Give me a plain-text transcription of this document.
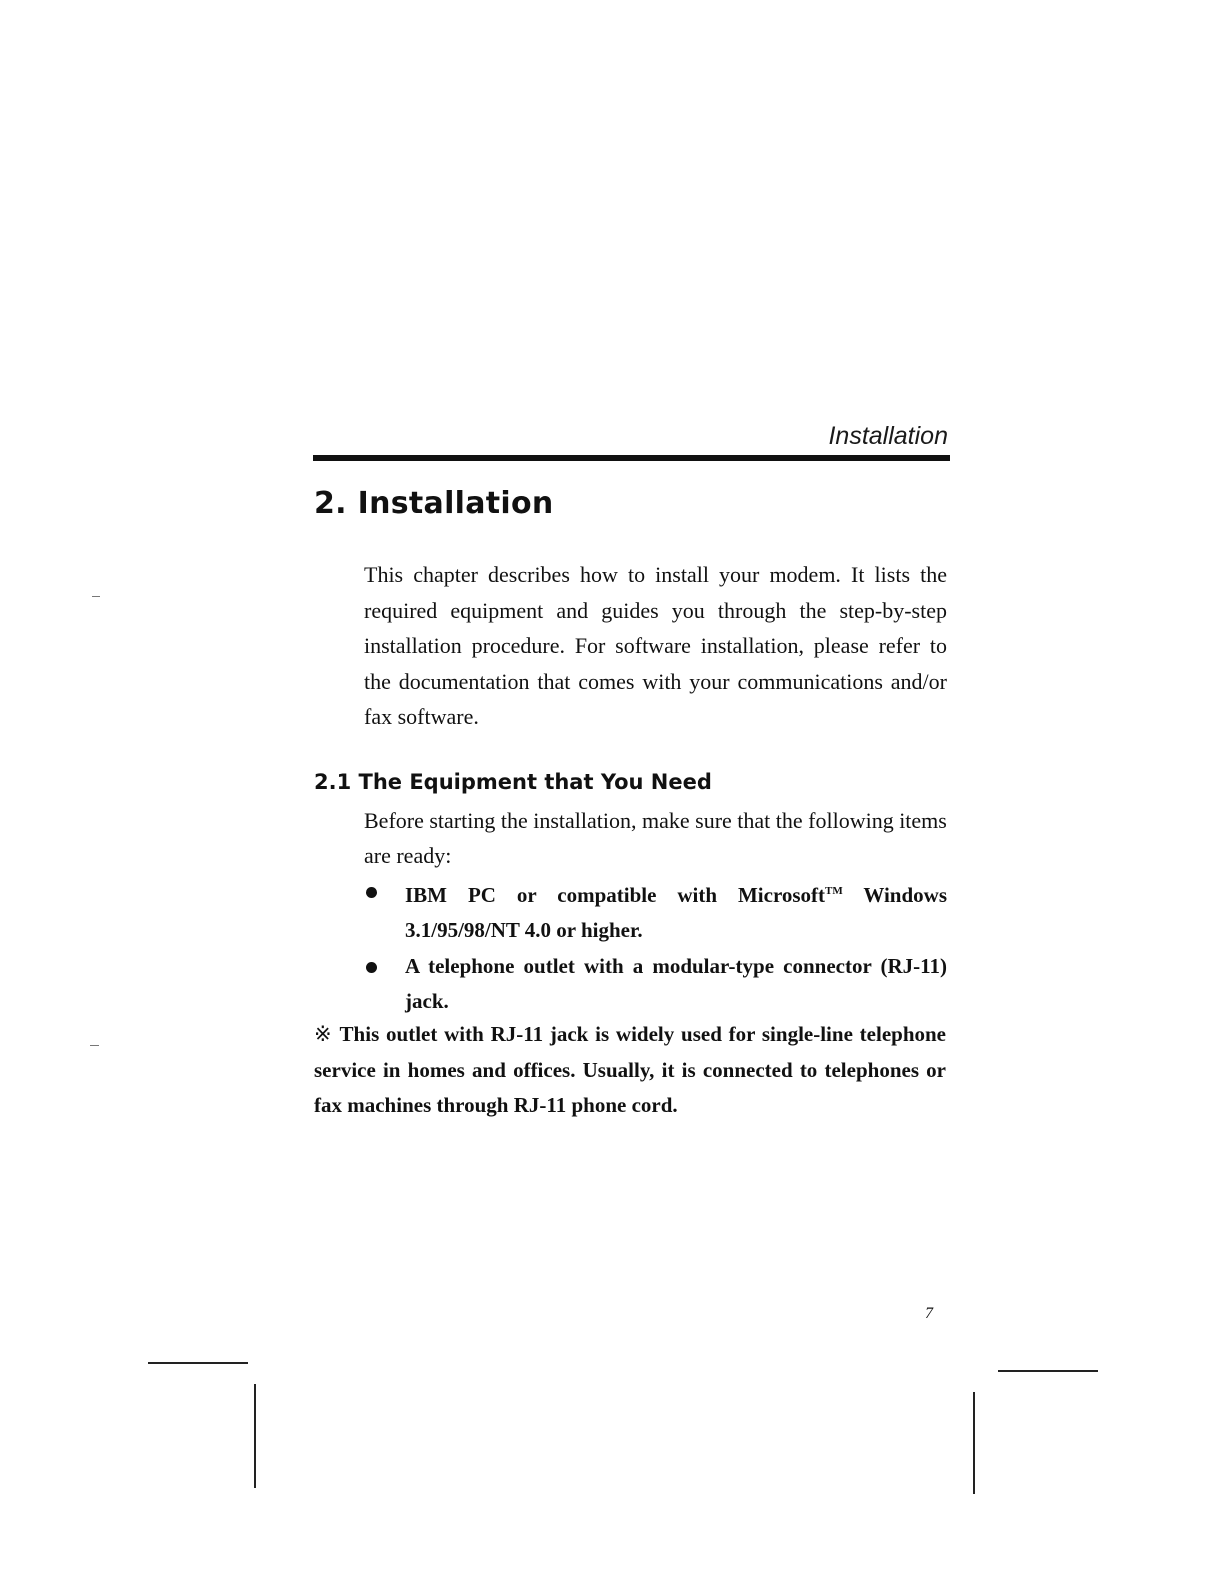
Installation
2. Installation

This chapter describes how to install your modem. It lists the required equipment and guides you through the step-by-step installation procedure. For software installation, please refer to the documentation that comes with your communications and/or fax software.

2.1 The Equipment that You Need

Before starting the installation, make sure that the following items are ready:

IBM PC or compatible with Microsoft™ Windows 3.1/95/98/NT 4.0 or higher.
A telephone outlet with a modular-type connector (RJ-11) jack.

※ This outlet with RJ-11 jack is widely used for single-line telephone service in homes and offices. Usually, it is connected to telephones or fax machines through RJ-11 phone cord.

7
